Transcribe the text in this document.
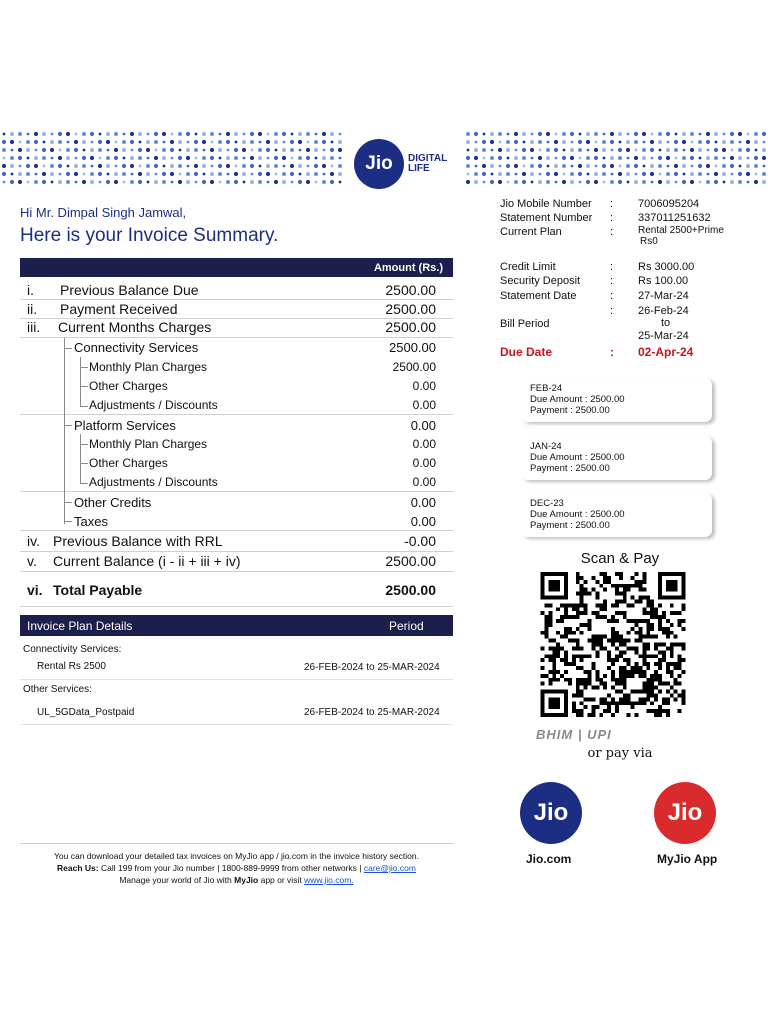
Jio	DIGITAL
LIFE
Hi Mr. Dimpal Singh Jamwal,
Here is your Invoice Summary.
Amount (Rs.)
i. Previous Balance Due	2500.00
ii. Payment Received	2500.00
iii. Current Months Charges	2500.00
Connectivity Services	2500.00
Monthly Plan Charges	2500.00
Other Charges	0.00
Adjustments / Discounts	0.00
Platform Services	0.00
Monthly Plan Charges	0.00
Other Charges	0.00
Adjustments / Discounts	0.00
Other Credits	0.00
Taxes	0.00
iv. Previous Balance with RRL	-0.00
v. Current Balance (i - ii + iii + iv)	2500.00
vi. Total Payable	2500.00
Invoice Plan Details	Period
Connectivity Services:
Rental Rs 2500	26-FEB-2024 to 25-MAR-2024
Other Services:
UL_5GData_Postpaid	26-FEB-2024 to 25-MAR-2024
You can download your detailed tax invoices on MyJio app / jio.com in the invoice history section.
Reach Us: Call 199 from your Jio number | 1800-889-9999 from other networks | care@jio.com
Manage your world of Jio with MyJio app or visit www.jio.com.
Jio Mobile Number : 7006095204
Statement Number : 337011251632
Current Plan	: Rental 2500+Prime
Rs0
Credit Limit	: Rs 3000.00
Security Deposit	: Rs 100.00
Statement Date	: 27-Mar-24
: 26-Feb-24
Bill Period	to
25-Mar-24
Due Date	: 02-Apr-24
FEB-24
Due Amount : 2500.00
Payment : 2500.00
JAN-24
Due Amount : 2500.00
Payment : 2500.00
DEC-23
Due Amount : 2500.00
Payment : 2500.00
Scan & Pay
BHIM | UPI
or pay via
Jio
Jio.com
Jio
MyJio App
